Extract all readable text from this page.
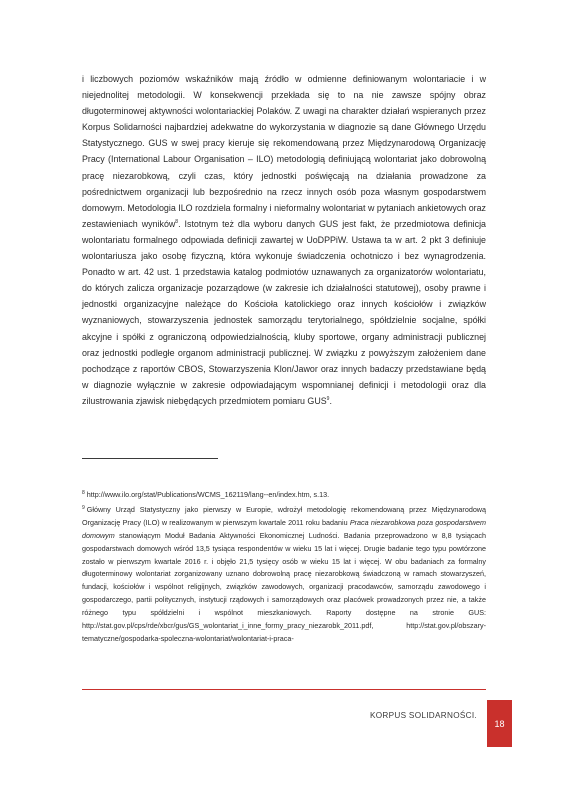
i liczbowych poziomów wskaźników mają źródło w odmienne definiowanym wolontariacie i w niejednolitej metodologii. W konsekwencji przekłada się to na nie zawsze spójny obraz długoterminowej aktywności wolontariackiej Polaków. Z uwagi na charakter działań wspieranych przez Korpus Solidarności najbardziej adekwatne do wykorzystania w diagnozie są dane Głównego Urzędu Statystycznego. GUS w swej pracy kieruje się rekomendowaną przez Międzynarodową Organizację Pracy (International Labour Organisation – ILO) metodologią definiującą wolontariat jako dobrowolną pracę niezarobkową, czyli czas, który jednostki poświęcają na działania prowadzone za pośrednictwem organizacji lub bezpośrednio na rzecz innych osób poza własnym gospodarstwem domowym. Metodologia ILO rozdziela formalny i nieformalny wolontariat w pytaniach ankietowych oraz zestawieniach wyników$^8$. Istotnym też dla wyboru danych GUS jest fakt, że przedmiotowa definicja wolontariatu formalnego odpowiada definicji zawartej w UoDPPiW. Ustawa ta w art. 2 pkt 3 definiuje wolontariusza jako osobę fizyczną, która wykonuje świadczenia ochotniczo i bez wynagrodzenia. Ponadto w art. 42 ust. 1 przedstawia katalog podmiotów uznawanych za organizatorów wolontariatu, do których zalicza organizacje pozarządowe (w zakresie ich działalności statutowej), osoby prawne i jednostki organizacyjne należące do Kościoła katolickiego oraz innych kościołów i związków wyznaniowych, stowarzyszenia jednostek samorządu terytorialnego, spółdzielnie socjalne, spółki akcyjne i spółki z ograniczoną odpowiedzialnością, kluby sportowe, organy administracji publicznej oraz jednostki podległe organom administracji publicznej. W związku z powyższym założeniem dane pochodzące z raportów CBOS, Stowarzyszenia Klon/Jawor oraz innych badaczy przedstawiane będą w diagnozie wyłącznie w zakresie odpowiadającym wspomnianej definicji i metodologii oraz dla zilustrowania zjawisk niebędących przedmiotem pomiaru GUS$^9$.

$^8$ http://www.ilo.org/stat/Publications/WCMS_162119/lang--en/index.htm, s.13.

$^9$ Główny Urząd Statystyczny jako pierwszy w Europie, wdrożył metodologię rekomendowaną przez Międzynarodową Organizację Pracy (ILO) w realizowanym w pierwszym kwartale 2011 roku badaniu Praca niezarobkowa poza gospodarstwem domowym stanowiącym Moduł Badania Aktywności Ekonomicznej Ludności. Badania przeprowadzono w 8,8 tysiącach gospodarstwach domowych wśród 13,5 tysiąca respondentów w wieku 15 lat i więcej. Drugie badanie tego typu powtórzone zostało w pierwszym kwartale 2016 r. i objęło 21,5 tysięcy osób w wieku 15 lat i więcej. W obu badaniach za formalny długoterminowy wolontariat zorganizowany uznano dobrowolną pracę niezarobkową świadczoną w ramach stowarzyszeń, fundacji, kościołów i wspólnot religijnych, związków zawodowych, organizacji pracodawców, samorządu zawodowego i gospodarczego, partii politycznych, instytucji rządowych i samorządowych oraz placówek prowadzonych przez nie, a także różnego typu spółdzielni i wspólnot mieszkaniowych. Raporty dostępne na stronie GUS: http://stat.gov.pl/cps/rde/xbcr/gus/GS_wolontariat_i_inne_formy_pracy_niezarobk_2011.pdf, http://stat.gov.pl/obszary-tematyczne/gospodarka-spoleczna-wolontariat/wolontariat-i-praca-

KORPUS SOLIDARNOŚCI.
18
